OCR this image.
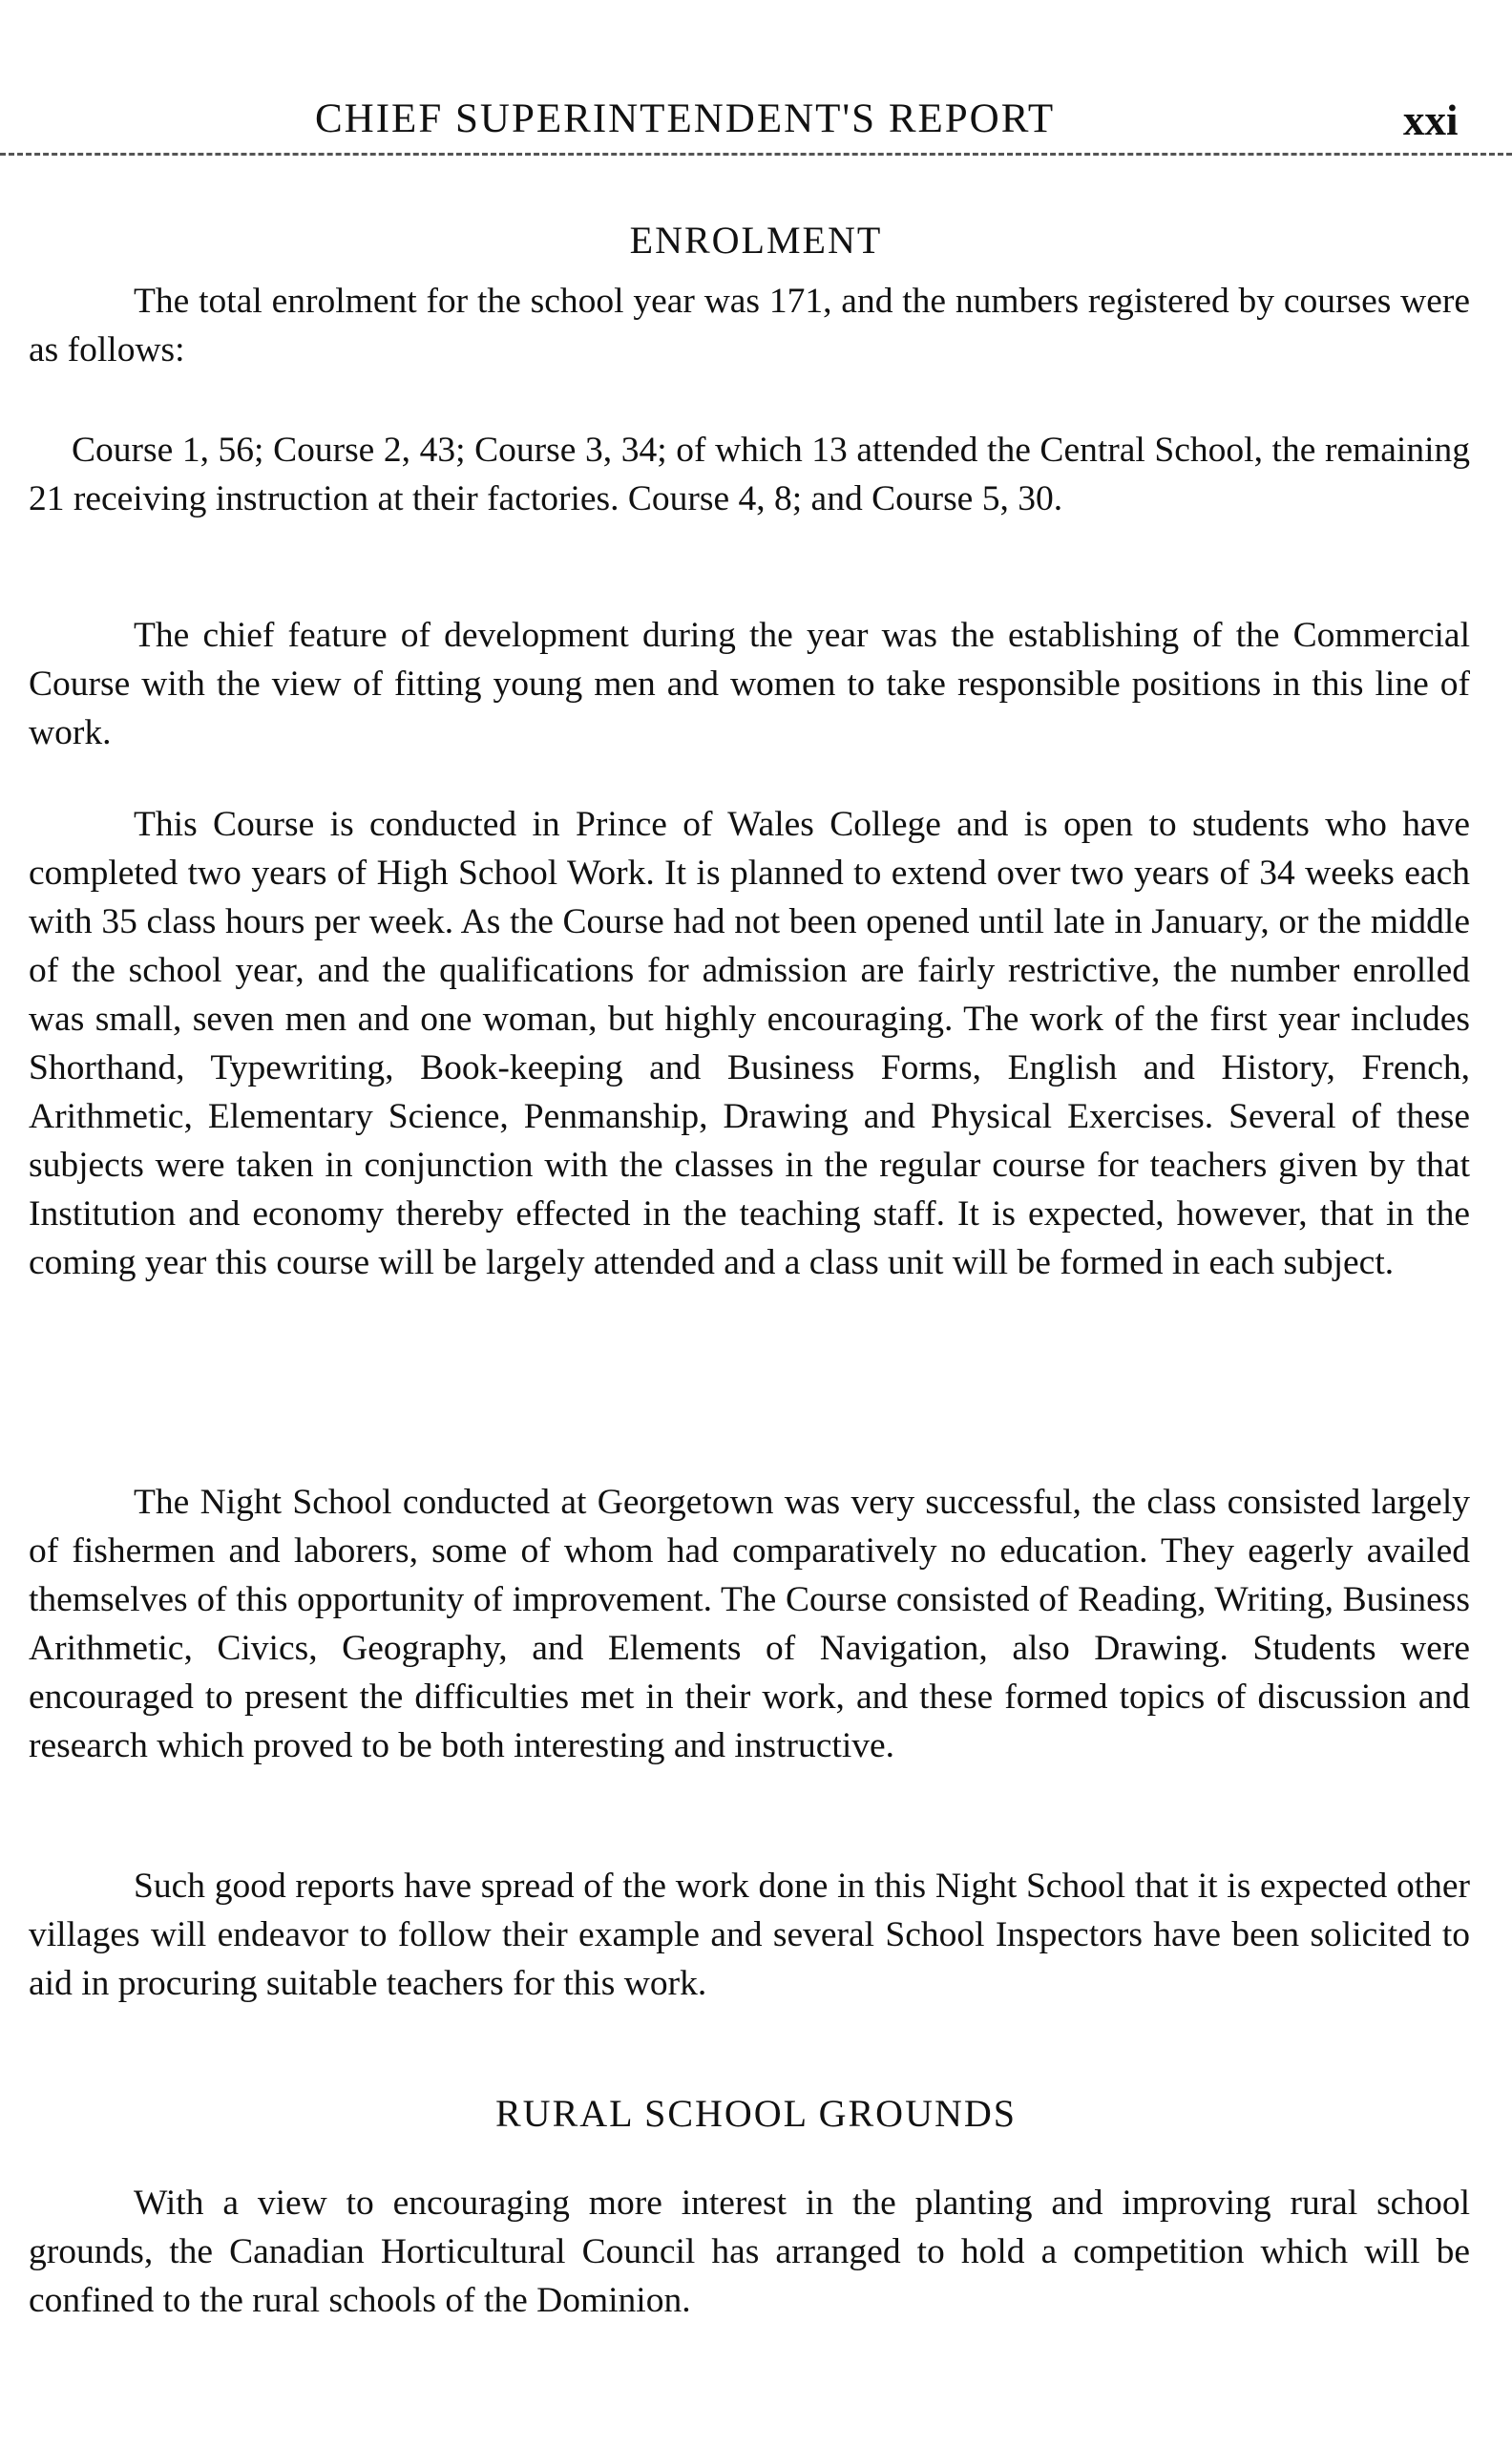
CHIEF SUPERINTENDENT'S REPORT	xxi
ENROLMENT

The total enrolment for the school year was 171, and the numbers registered by courses were as follows:

Course 1, 56; Course 2, 43; Course 3, 34; of which 13 attended the Central School, the remaining 21 receiving instruction at their factories. Course 4, 8; and Course 5, 30.

The chief feature of development during the year was the establishing of the Commercial Course with the view of fitting young men and women to take responsible positions in this line of work.

This Course is conducted in Prince of Wales College and is open to students who have completed two years of High School Work. It is planned to extend over two years of 34 weeks each with 35 class hours per week. As the Course had not been opened until late in January, or the middle of the school year, and the qualifications for admission are fairly restrictive, the number enrolled was small, seven men and one woman, but highly encouraging. The work of the first year includes Shorthand, Typewriting, Book-keeping and Business Forms, English and History, French, Arithmetic, Elementary Science, Penmanship, Drawing and Physical Exercises. Several of these subjects were taken in conjunction with the classes in the regular course for teachers given by that Institution and economy thereby effected in the teaching staff. It is expected, however, that in the coming year this course will be largely attended and a class unit will be formed in each subject.

The Night School conducted at Georgetown was very successful, the class consisted largely of fishermen and laborers, some of whom had comparatively no education. They eagerly availed themselves of this opportunity of improvement. The Course consisted of Reading, Writing, Business Arithmetic, Civics, Geography, and Elements of Navigation, also Drawing. Students were encouraged to present the difficulties met in their work, and these formed topics of discussion and research which proved to be both interesting and instructive.

Such good reports have spread of the work done in this Night School that it is expected other villages will endeavor to follow their example and several School Inspectors have been solicited to aid in procuring suitable teachers for this work.

RURAL SCHOOL GROUNDS

With a view to encouraging more interest in the planting and improving rural school grounds, the Canadian Horticultural Council has arranged to hold a competition which will be confined to the rural schools of the Dominion.
